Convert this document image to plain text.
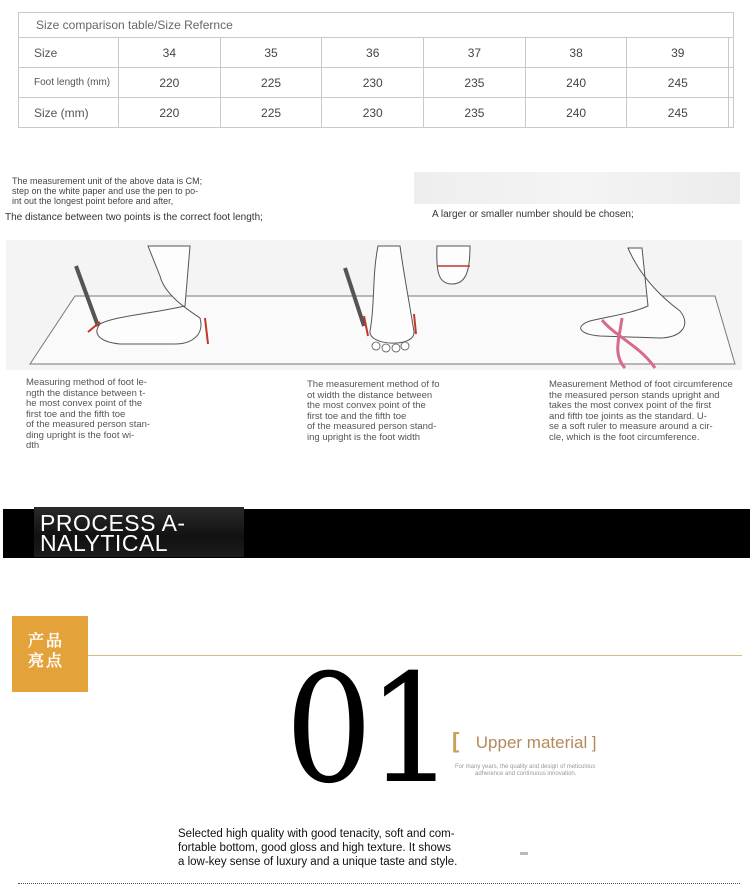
Size comparison table/Size Refernce							
Size	34	35	36	37	38	39	
Foot length (mm)	220	225	230	235	240	245	
Size (mm)	220	225	230	235	240	245	
The measurement unit of the above data is CM;
step on the white paper and use the pen to po-
int out the longest point before and after,
The distance between two points is the correct foot length;	A larger or smaller number should be chosen;
Measuring method of foot le-
ngth the distance between t-
he most convex point of the
first toe and the fifth toe
of the measured person stan-
ding upright is the foot wi-
dth
The measurement method of fo
ot width the distance between
the most convex point of the
first toe and the fifth toe
of the measured person stand-
ing upright is the foot width
Measurement Method of foot circumference
the measured person stands upright and
takes the most convex point of the first
and fifth toe joints as the standard. U-
se a soft ruler to measure around a cir-
cle, which is the foot circumference.
PROCESS A-
NALYTICAL
产品
亮点 01 [ Upper material ]
For many years, the quality and design of meticulous
adherence and continuous innovation.
Selected high quality with good tenacity, soft and com-
fortable bottom, good gloss and high texture. It shows
a low-key sense of luxury and a unique taste and style.
